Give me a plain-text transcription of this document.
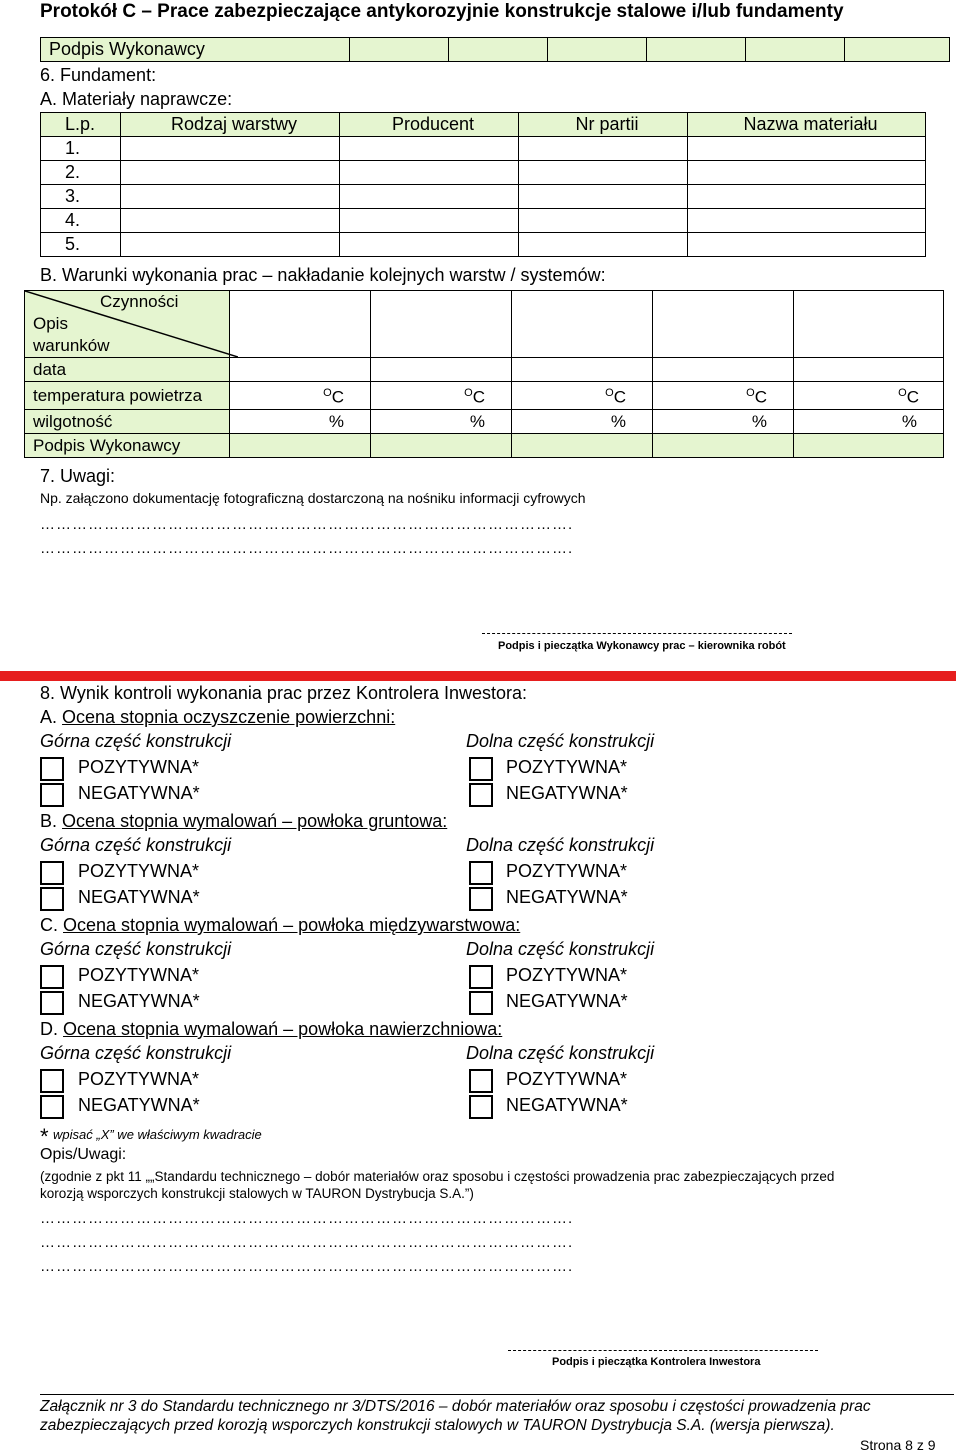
Protokół C – Prace zabezpieczające antykorozyjnie konstrukcje stalowe i/lub fundamenty
Podpis Wykonawcy						
6. Fundament:
A. Materiały naprawcze:
L.p.	Rodzaj warstwy	Producent	Nr partii	Nazwa materiału
1.				
2.				
3.				
4.				
5.				
B. Warunki wykonania prac – nakładanie kolejnych warstw / systemów:
Czynności
Opis
warunków					

data					
temperatura powietrza	$^O$C	$^O$C	$^O$C	$^O$C	$^O$C
wilgotność	%	%	%	%	%
Podpis Wykonawcy					
7. Uwagi:
Np. załączono dokumentację fotograficzną dostarczoną na nośniku informacji cyfrowych
……………………………………………………………………………………….
……………………………………………………………………………………….
Podpis i pieczątka Wykonawcy prac – kierownika robót
8. Wynik kontroli wykonania prac przez Kontrolera Inwestora:
A. Ocena stopnia oczyszczenie powierzchni:
Górna część konstrukcji	Dolna część konstrukcji
POZYTYWNA*
NEGATYWNA*
POZYTYWNA*
NEGATYWNA*
B. Ocena stopnia wymalowań – powłoka gruntowa:
Górna część konstrukcji	Dolna część konstrukcji
POZYTYWNA*
NEGATYWNA*
POZYTYWNA*
NEGATYWNA*
C. Ocena stopnia wymalowań – powłoka międzywarstwowa:
Górna część konstrukcji	Dolna część konstrukcji
POZYTYWNA*
NEGATYWNA*
POZYTYWNA*
NEGATYWNA*
D. Ocena stopnia wymalowań – powłoka nawierzchniowa:
Górna część konstrukcji	Dolna część konstrukcji
POZYTYWNA*
NEGATYWNA*
POZYTYWNA*
NEGATYWNA*
* wpisać „X” we właściwym kwadracie
Opis/Uwagi:
(zgodnie z pkt 11 „„Standardu technicznego – dobór materiałów oraz sposobu i częstości prowadzenia prac zabezpieczających przed
korozją wsporczych konstrukcji stalowych w TAURON Dystrybucja S.A.”)
……………………………………………………………………………………….
……………………………………………………………………………………….
……………………………………………………………………………………….
Podpis i pieczątka Kontrolera Inwestora
Załącznik nr 3 do Standardu technicznego nr 3/DTS/2016 – dobór materiałów oraz sposobu i częstości prowadzenia prac
zabezpieczających przed korozją wsporczych konstrukcji stalowych w TAURON Dystrybucja S.A. (wersja pierwsza).
Strona 8 z 9
